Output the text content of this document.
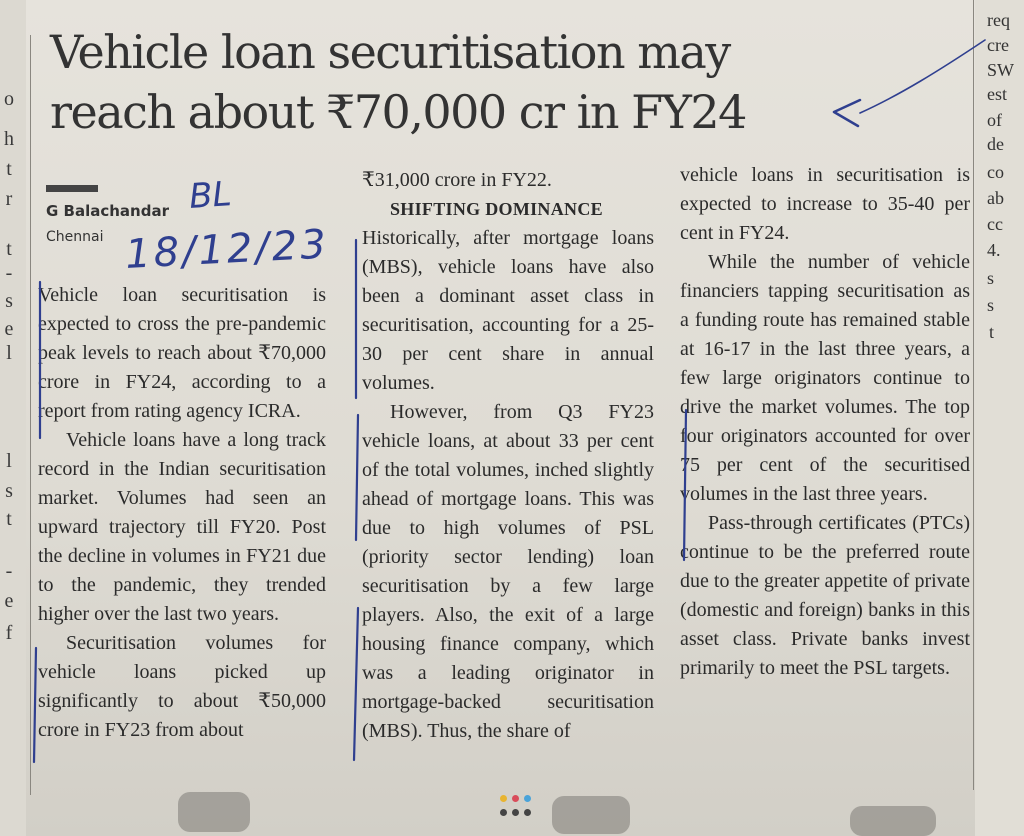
o
h
t
r
t
-
s
e
l
l
s
t
-
e
f
req
cre
SW
est
of
de
co
ab
cc
4.
s
s
t
Vehicle loan securitisation may
reach about ₹70,000 cr in FY24
G Balachandar
Chennai

Vehicle loan securitisation is expected to cross the pre-pandemic peak levels to reach about ₹70,000 crore in FY24, according to a report from rating agency ICRA.

Vehicle loans have a long track record in the Indian securitisation market. Volumes had seen an upward trajectory till FY20. Post the decline in volumes in FY21 due to the pandemic, they trended higher over the last two years.

Securitisation volumes for vehicle loans picked up significantly to about ₹50,000 crore in FY23 from about

₹31,000 crore in FY22.

SHIFTING DOMINANCE

Historically, after mortgage loans (MBS), vehicle loans have also been a dominant asset class in securitisation, accounting for a 25-30 per cent share in annual volumes.

However, from Q3 FY23 vehicle loans, at about 33 per cent of the total volumes, inched slightly ahead of mortgage loans. This was due to high volumes of PSL (priority sector lending) loan securitisation by a few large players. Also, the exit of a large housing finance company, which was a leading originator in mortgage-backed securitisation (MBS). Thus, the share of

vehicle loans in securitisation is expected to increase to 35-40 per cent in FY24.

While the number of vehicle financiers tapping securitisation as a funding route has remained stable at 16-17 in the last three years, a few large originators continue to drive the market volumes. The top four originators accounted for over 75 per cent of the securitised volumes in the last three years.

Pass-through certificates (PTCs) continue to be the preferred route due to the greater appetite of private (domestic and foreign) banks in this asset class. Private banks invest primarily to meet the PSL targets.

BL
18/12/23
